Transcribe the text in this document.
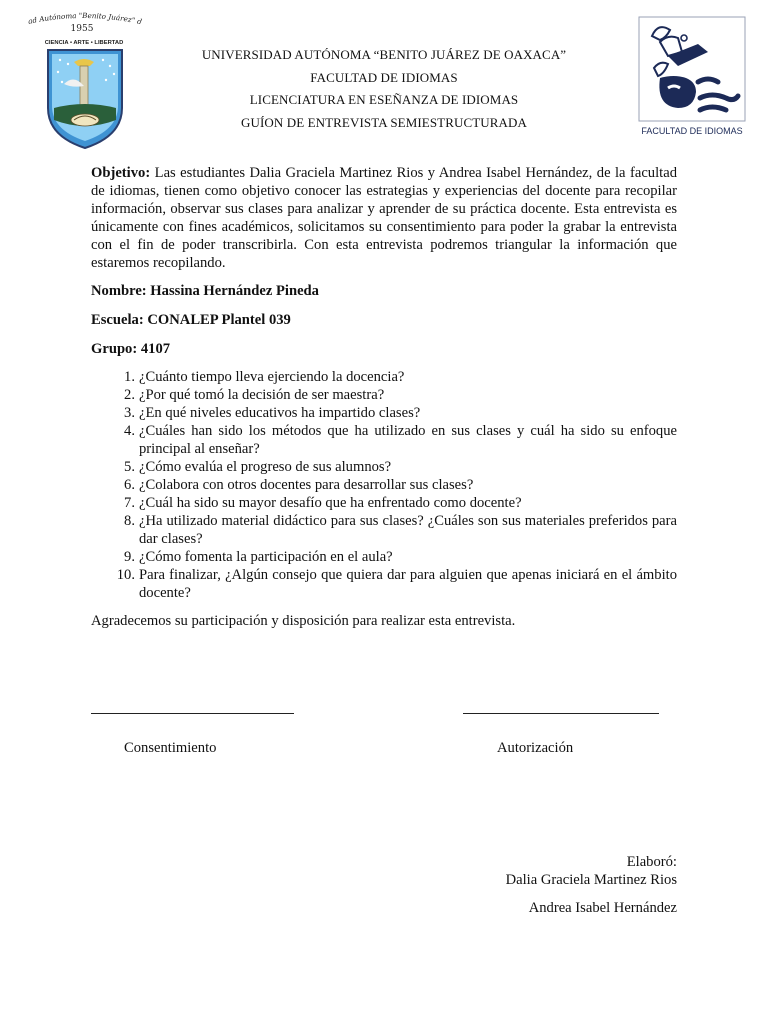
ad Autónoma "Benito Juárez" d
1955
CIENCIA • ARTE • LIBERTAD
UNIVERSIDAD AUTÓNOMA “BENITO JUÁREZ DE OAXACA”
FACULTAD DE IDIOMAS
LICENCIATURA EN ESEÑANZA DE IDIOMAS
GUÍON DE ENTREVISTA SEMIESTRUCTURADA
FACULTAD DE IDIOMAS

Objetivo: Las estudiantes Dalia Graciela Martinez Rios y Andrea Isabel Hernández, de la facultad de idiomas, tienen como objetivo conocer las estrategias y experiencias del docente para recopilar información, observar sus clases para analizar y aprender de su práctica docente. Esta entrevista es únicamente con fines académicos, solicitamos su consentimiento para poder la grabar la entrevista con el fin de poder transcribirla. Con esta entrevista podremos triangular la información que estaremos recopilando.

Nombre: Hassina Hernández Pineda
Escuela: CONALEP Plantel 039
Grupo: 4107
1. ¿Cuánto tiempo lleva ejerciendo la docencia?
2. ¿Por qué tomó la decisión de ser maestra?
3. ¿En qué niveles educativos ha impartido clases?
4. ¿Cuáles han sido los métodos que ha utilizado en sus clases y cuál ha sido su enfoque principal al enseñar?
5. ¿Cómo evalúa el progreso de sus alumnos?
6. ¿Colabora con otros docentes para desarrollar sus clases?
7. ¿Cuál ha sido su mayor desafío que ha enfrentado como docente?
8. ¿Ha utilizado material didáctico para sus clases? ¿Cuáles son sus materiales preferidos para dar clases?
9. ¿Cómo fomenta la participación en el aula?
10. Para finalizar, ¿Algún consejo que quiera dar para alguien que apenas iniciará en el ámbito docente?
Agradecemos su participación y disposición para realizar esta entrevista.
Consentimiento	Autorización
Elaboró:
Dalia Graciela Martinez Rios
Andrea Isabel Hernández
